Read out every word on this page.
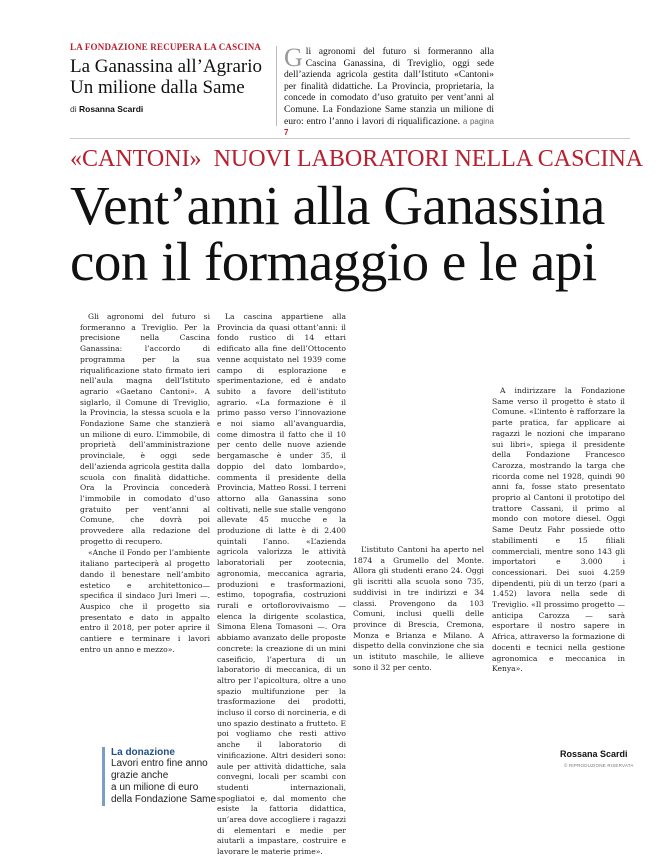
LA FONDAZIONE RECUPERA LA CASCINA
La Ganassina all’Agrario
Un milione dalla Same
di Rosanna Scardi
G li agronomi del futuro si formeranno alla Cascina Ganassina, di Treviglio, oggi sede dell’azienda agricola gestita dall’Istituto «Cantoni» per finalità didattiche. La Provincia, proprietaria, la concede in comodato d’uso gratuito per vent’anni al Comune. La Fondazione Same stanzia un milione di euro: entro l’anno i lavori di riqualificazione. a pagina 7
«CANTONI» NUOVI LABORATORI NELLA CASCINA
Vent’anni alla Ganassina
con il formaggio e le api

Gli agronomi del futuro si formeranno a Treviglio. Per la precisione nella Cascina Ganassina: l’accordo di programma per la sua riqualificazione stato firmato ieri nell’aula magna dell’Istituto agrario «Gaetano Cantoni». A siglarlo, il Comune di Treviglio, la Provincia, la stessa scuola e la Fondazione Same che stanzierà un milione di euro. L’immobile, di proprietà dell’amministrazione provinciale, è oggi sede dell’azienda agricola gestita dalla scuola con finalità didattiche. Ora la Provincia concederà l’immobile in comodato d’uso gratuito per vent’anni al Comune, che dovrà poi provvedere alla redazione del progetto di recupero.

«Anche il Fondo per l’ambiente italiano parteciperà al progetto dando il benestare nell’ambito estetico e architettonico— specifica il sindaco Juri Imeri —. Auspico che il progetto sia presentato e dato in appalto entro il 2018, per poter aprire il cantiere e terminare i lavori entro un anno e mezzo».

La cascina appartiene alla Provincia da quasi ottant’anni: il fondo rustico di 14 ettari edificato alla fine dell’Ottocento venne acquistato nel 1939 come campo di esplorazione e sperimentazione, ed è andato subito a favore dell’istituto agrario. «La formazione è il primo passo verso l’innovazione e noi siamo all’avanguardia, come dimostra il fatto che il 10 per cento delle nuove aziende bergamasche è under 35, il doppio del dato lombardo», commenta il presidente della Provincia, Matteo Rossi. I terreni attorno alla Ganassina sono coltivati, nelle sue stalle vengono allevate 45 mucche e la produzione di latte è di 2.400 quintali l’anno. «L’azienda agricola valorizza le attività laboratoriali per zootecnia, agronomia, meccanica agraria, produzioni e trasformazioni, estimo, topografia, costruzioni rurali e ortoflorovivaismo — elenca la dirigente scolastica, Simona Elena Tomasoni —. Ora abbiamo avanzato delle proposte concrete: la creazione di un mini caseificio, l’apertura di un laboratorio di meccanica, di un altro per l’apicoltura, oltre a uno spazio multifunzione per la trasformazione dei prodotti, incluso il corso di norcineria, e di uno spazio destinato a frutteto. E poi vogliamo che resti attivo anche il laboratorio di vinificazione. Altri desideri sono: aule per attività didattiche, sala convegni, locali per scambi con studenti internazionali, spogliatoi e, dal momento che esiste la fattoria didattica, un’area dove accogliere i ragazzi di elementari e medie per aiutarli a impastare, costruire e lavorare le materie prime».

L’istituto Cantoni ha aperto nel 1874 a Grumello del Monte. Allora gli studenti erano 24. Oggi gli iscritti alla scuola sono 735, suddivisi in tre indirizzi e 34 classi. Provengono da 103 Comuni, inclusi quelli delle province di Brescia, Cremona, Monza e Brianza e Milano. A dispetto della convinzione che sia un istituto maschile, le allieve sono il 32 per cento.

A indirizzare la Fondazione Same verso il progetto è stato il Comune. «L’intento è rafforzare la parte pratica, far applicare ai ragazzi le nozioni che imparano sui libri», spiega il presidente della Fondazione Francesco Carozza, mostrando la targa che ricorda come nel 1928, quindi 90 anni fa, fosse stato presentato proprio al Cantoni il prototipo del trattore Cassani, il primo al mondo con motore diesel. Oggi Same Deutz Fahr possiede otto stabilimenti e 15 filiali commerciali, mentre sono 143 gli importatori e 3.000 i concessionari. Dei suoi 4.259 dipendenti, più di un terzo (pari a 1.452) lavora nella sede di Treviglio. «Il prossimo progetto — anticipa Carozza — sarà esportare il nostro sapere in Africa, attraverso la formazione di docenti e tecnici nella gestione agronomica e meccanica in Kenya».

Rossana Scardi
© RIPRODUZIONE RISERVATA
La donazione
Lavori entro fine anno
grazie anche
a un milione di euro
della Fondazione Same
